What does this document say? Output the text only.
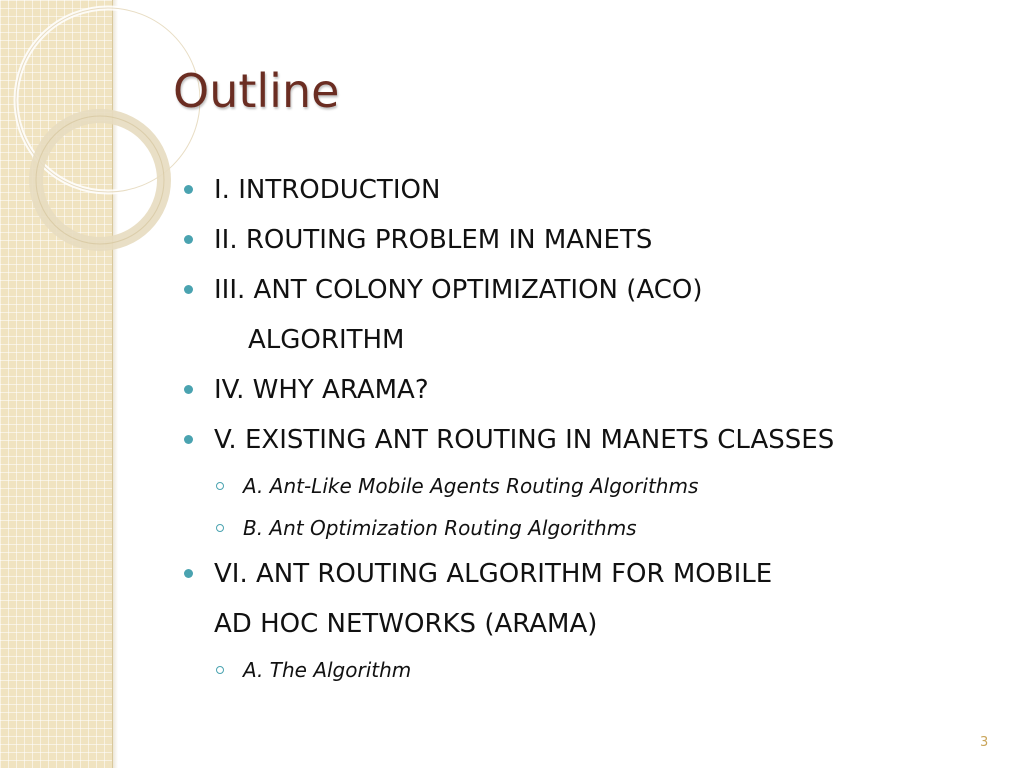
Outline
I. INTRODUCTION
II. ROUTING PROBLEM IN MANETS
III. ANT COLONY OPTIMIZATION (ACO)
ALGORITHM
IV. WHY ARAMA?
V. EXISTING ANT ROUTING IN MANETS CLASSES
A. Ant-Like Mobile Agents Routing Algorithms
B. Ant Optimization Routing Algorithms
VI. ANT ROUTING ALGORITHM FOR MOBILE
AD HOC NETWORKS (ARAMA)
A. The Algorithm
3
